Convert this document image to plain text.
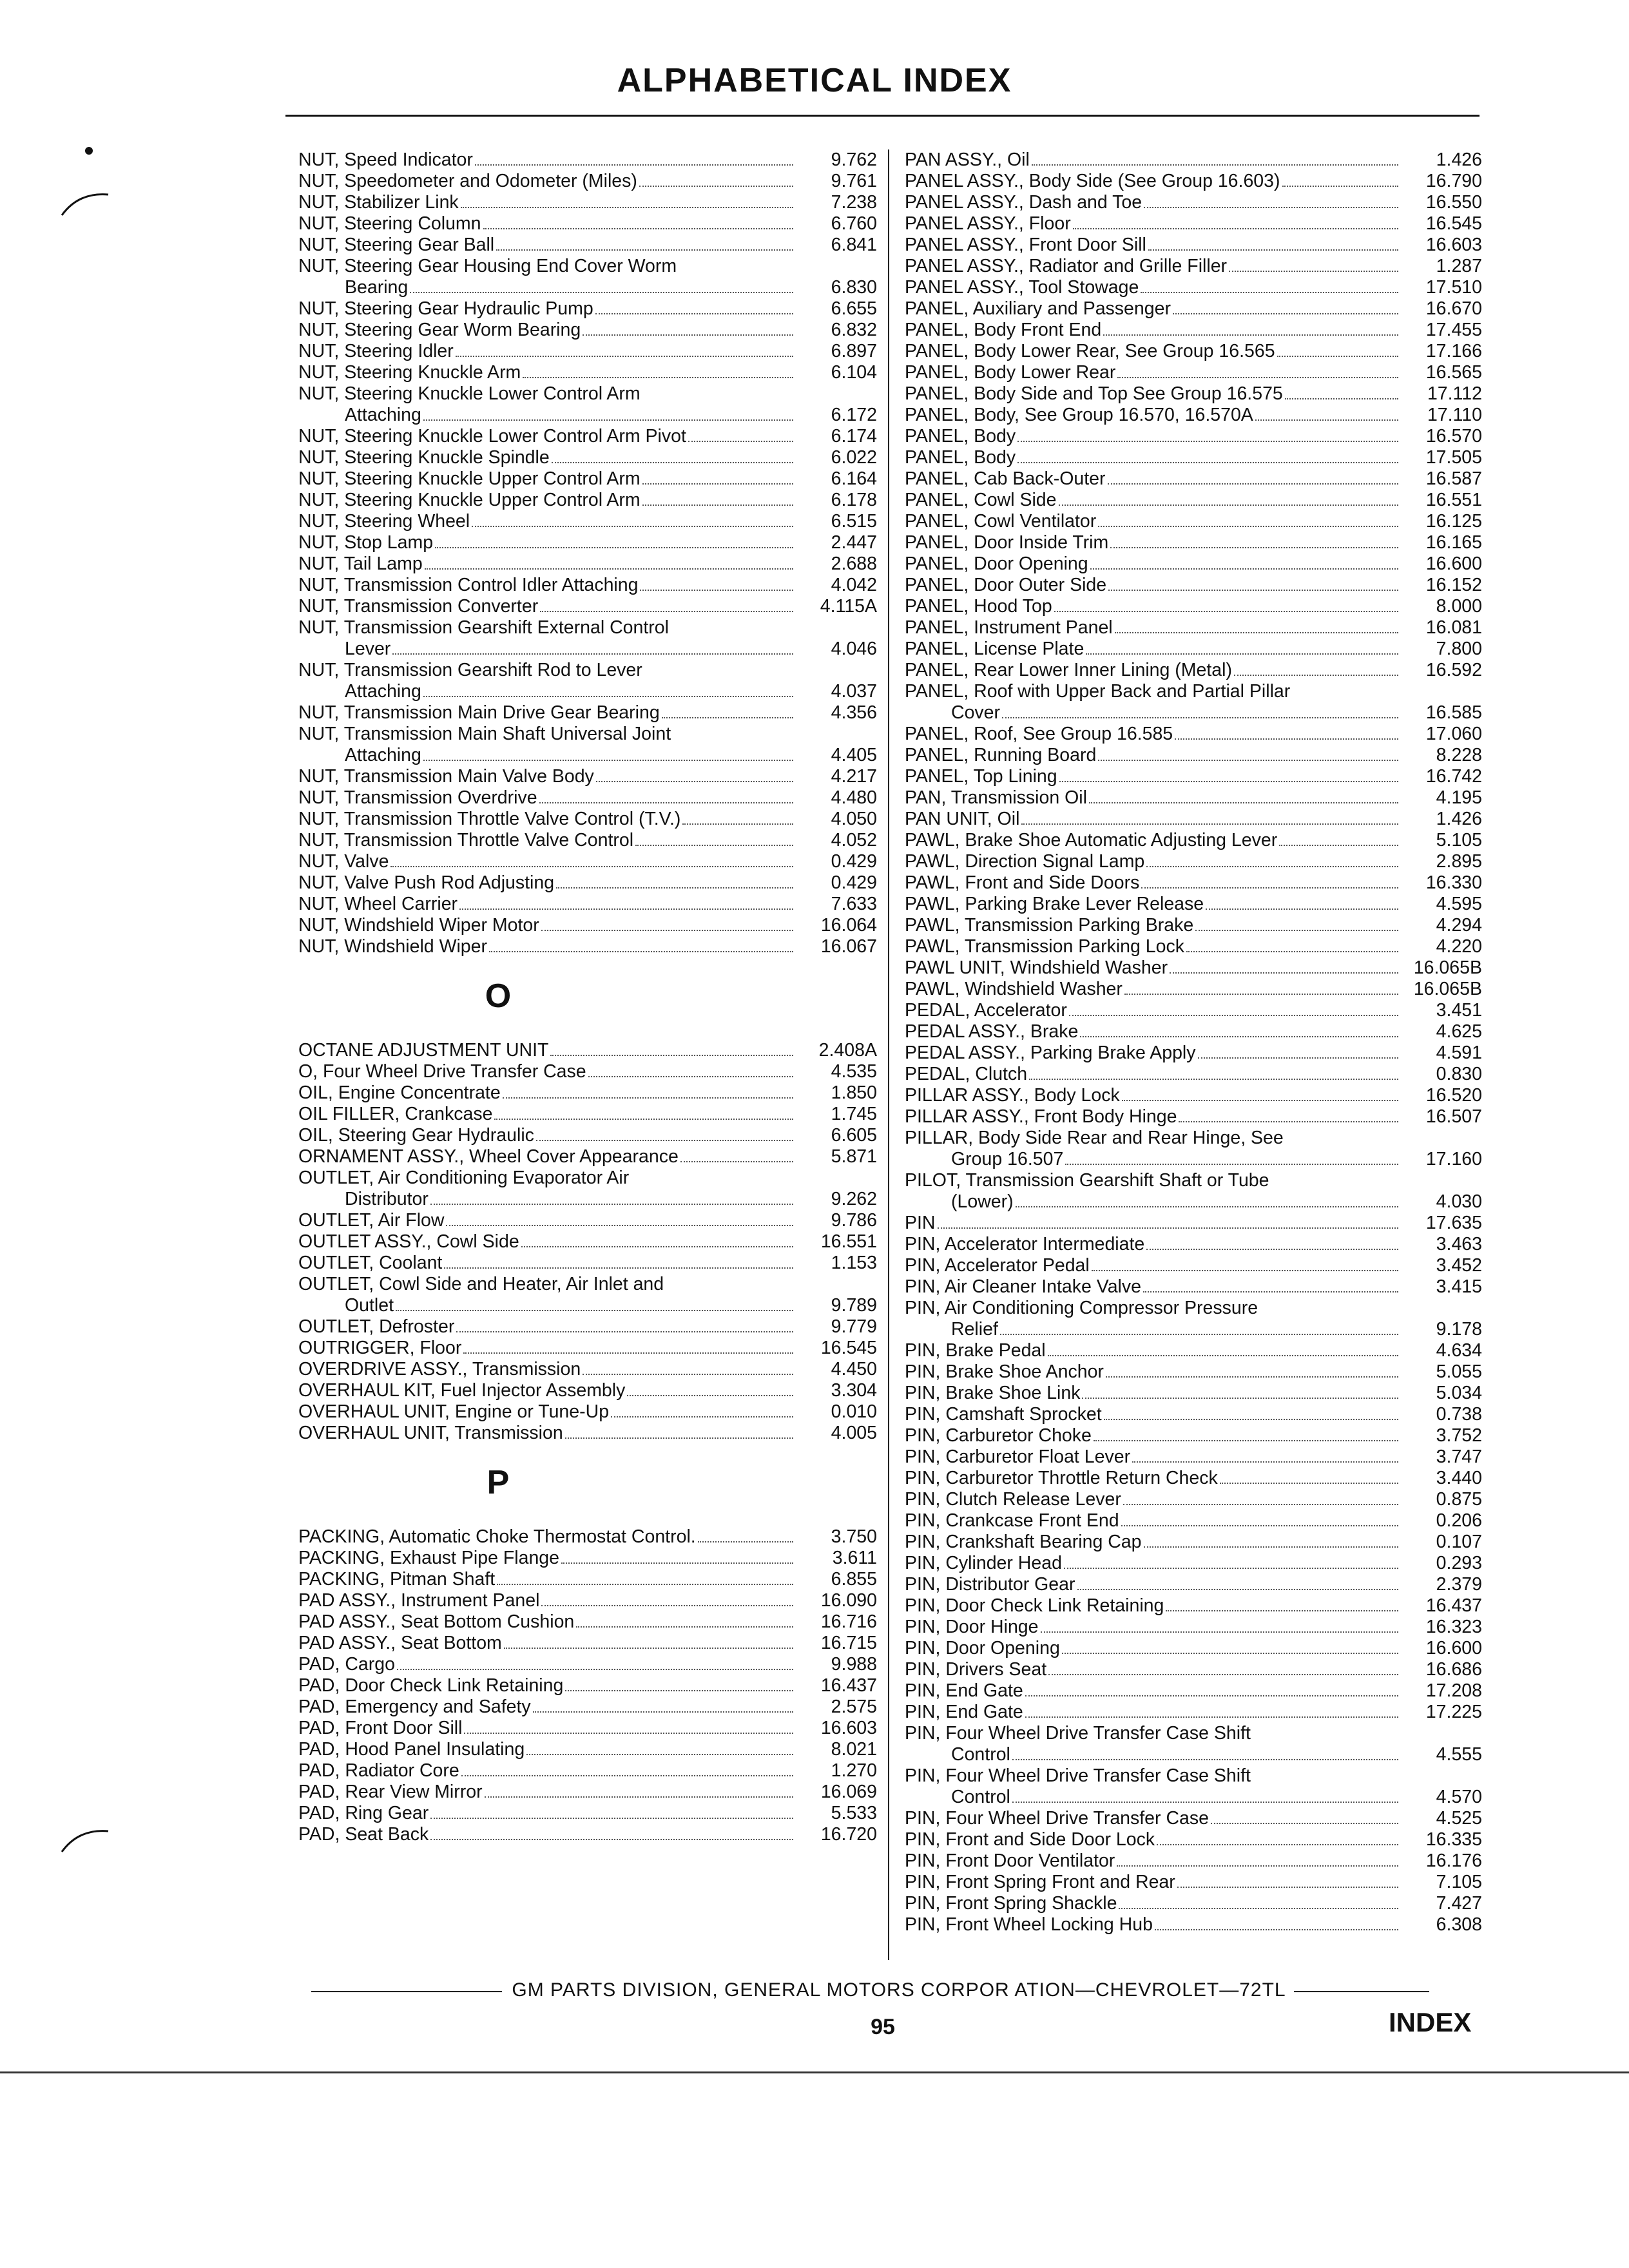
ALPHABETICAL INDEX
NUT, Speed Indicator	9.762
NUT, Speedometer and Odometer (Miles)	9.761
NUT, Stabilizer Link	7.238
NUT, Steering Column	6.760
NUT, Steering Gear Ball	6.841
NUT, Steering Gear Housing End Cover Worm
Bearing	6.830
NUT, Steering Gear Hydraulic Pump	6.655
NUT, Steering Gear Worm Bearing	6.832
NUT, Steering Idler	6.897
NUT, Steering Knuckle Arm	6.104
NUT, Steering Knuckle Lower Control Arm
Attaching	6.172
NUT, Steering Knuckle Lower Control Arm Pivot	6.174
NUT, Steering Knuckle Spindle	6.022
NUT, Steering Knuckle Upper Control Arm	6.164
NUT, Steering Knuckle Upper Control Arm	6.178
NUT, Steering Wheel	6.515
NUT, Stop Lamp	2.447
NUT, Tail Lamp	2.688
NUT, Transmission Control Idler Attaching	4.042
NUT, Transmission Converter	4.115A
NUT, Transmission Gearshift External Control
Lever	4.046
NUT, Transmission Gearshift Rod to Lever
Attaching	4.037
NUT, Transmission Main Drive Gear Bearing	4.356
NUT, Transmission Main Shaft Universal Joint
Attaching	4.405
NUT, Transmission Main Valve Body	4.217
NUT, Transmission Overdrive	4.480
NUT, Transmission Throttle Valve Control (T.V.)	4.050
NUT, Transmission Throttle Valve Control	4.052
NUT, Valve	0.429
NUT, Valve Push Rod Adjusting	0.429
NUT, Wheel Carrier	7.633
NUT, Windshield Wiper Motor	16.064
NUT, Windshield Wiper	16.067
O
OCTANE ADJUSTMENT UNIT	2.408A
O, Four Wheel Drive Transfer Case	4.535
OIL, Engine Concentrate	1.850
OIL FILLER, Crankcase	1.745
OIL, Steering Gear Hydraulic	6.605
ORNAMENT ASSY., Wheel Cover Appearance	5.871
OUTLET, Air Conditioning Evaporator Air
Distributor	9.262
OUTLET, Air Flow	9.786
OUTLET ASSY., Cowl Side	16.551
OUTLET, Coolant	1.153
OUTLET, Cowl Side and Heater, Air Inlet and
Outlet	9.789
OUTLET, Defroster	9.779
OUTRIGGER, Floor	16.545
OVERDRIVE ASSY., Transmission	4.450
OVERHAUL KIT, Fuel Injector Assembly	3.304
OVERHAUL UNIT, Engine or Tune-Up	0.010
OVERHAUL UNIT, Transmission	4.005
P
PACKING, Automatic Choke Thermostat Control.	3.750
PACKING, Exhaust Pipe Flange	3.611
PACKING, Pitman Shaft	6.855
PAD ASSY., Instrument Panel	16.090
PAD ASSY., Seat Bottom Cushion	16.716
PAD ASSY., Seat Bottom	16.715
PAD, Cargo	9.988
PAD, Door Check Link Retaining	16.437
PAD, Emergency and Safety	2.575
PAD, Front Door Sill	16.603
PAD, Hood Panel Insulating	8.021
PAD, Radiator Core	1.270
PAD, Rear View Mirror	16.069
PAD, Ring Gear	5.533
PAD, Seat Back	16.720
PAN ASSY., Oil	1.426
PANEL ASSY., Body Side (See Group 16.603)	16.790
PANEL ASSY., Dash and Toe	16.550
PANEL ASSY., Floor	16.545
PANEL ASSY., Front Door Sill	16.603
PANEL ASSY., Radiator and Grille Filler	1.287
PANEL ASSY., Tool Stowage	17.510
PANEL, Auxiliary and Passenger	16.670
PANEL, Body Front End	17.455
PANEL, Body Lower Rear, See Group 16.565	17.166
PANEL, Body Lower Rear	16.565
PANEL, Body Side and Top See Group 16.575	17.112
PANEL, Body, See Group 16.570, 16.570A	17.110
PANEL, Body	16.570
PANEL, Body	17.505
PANEL, Cab Back-Outer	16.587
PANEL, Cowl Side	16.551
PANEL, Cowl Ventilator	16.125
PANEL, Door Inside Trim	16.165
PANEL, Door Opening	16.600
PANEL, Door Outer Side	16.152
PANEL, Hood Top	8.000
PANEL, Instrument Panel	16.081
PANEL, License Plate	7.800
PANEL, Rear Lower Inner Lining (Metal)	16.592
PANEL, Roof with Upper Back and Partial Pillar
Cover	16.585
PANEL, Roof, See Group 16.585	17.060
PANEL, Running Board	8.228
PANEL, Top Lining	16.742
PAN, Transmission Oil	4.195
PAN UNIT, Oil	1.426
PAWL, Brake Shoe Automatic Adjusting Lever	5.105
PAWL, Direction Signal Lamp	2.895
PAWL, Front and Side Doors	16.330
PAWL, Parking Brake Lever Release	4.595
PAWL, Transmission Parking Brake	4.294
PAWL, Transmission Parking Lock	4.220
PAWL UNIT, Windshield Washer	16.065B
PAWL, Windshield Washer	16.065B
PEDAL, Accelerator	3.451
PEDAL ASSY., Brake	4.625
PEDAL ASSY., Parking Brake Apply	4.591
PEDAL, Clutch	0.830
PILLAR ASSY., Body Lock	16.520
PILLAR ASSY., Front Body Hinge	16.507
PILLAR, Body Side Rear and Rear Hinge, See
Group 16.507	17.160
PILOT, Transmission Gearshift Shaft or Tube
(Lower)	4.030
PIN	17.635
PIN, Accelerator Intermediate	3.463
PIN, Accelerator Pedal	3.452
PIN, Air Cleaner Intake Valve	3.415
PIN, Air Conditioning Compressor Pressure
Relief	9.178
PIN, Brake Pedal	4.634
PIN, Brake Shoe Anchor	5.055
PIN, Brake Shoe Link	5.034
PIN, Camshaft Sprocket	0.738
PIN, Carburetor Choke	3.752
PIN, Carburetor Float Lever	3.747
PIN, Carburetor Throttle Return Check	3.440
PIN, Clutch Release Lever	0.875
PIN, Crankcase Front End	0.206
PIN, Crankshaft Bearing Cap	0.107
PIN, Cylinder Head	0.293
PIN, Distributor Gear	2.379
PIN, Door Check Link Retaining	16.437
PIN, Door Hinge	16.323
PIN, Door Opening	16.600
PIN, Drivers Seat	16.686
PIN, End Gate	17.208
PIN, End Gate	17.225
PIN, Four Wheel Drive Transfer Case Shift
Control	4.555
PIN, Four Wheel Drive Transfer Case Shift
Control	4.570
PIN, Four Wheel Drive Transfer Case	4.525
PIN, Front and Side Door Lock	16.335
PIN, Front Door Ventilator	16.176
PIN, Front Spring Front and Rear	7.105
PIN, Front Spring Shackle	7.427
PIN, Front Wheel Locking Hub	6.308
GM PARTS DIVISION, GENERAL MOTORS CORPOR ATION—CHEVROLET—72TL
95	INDEX
